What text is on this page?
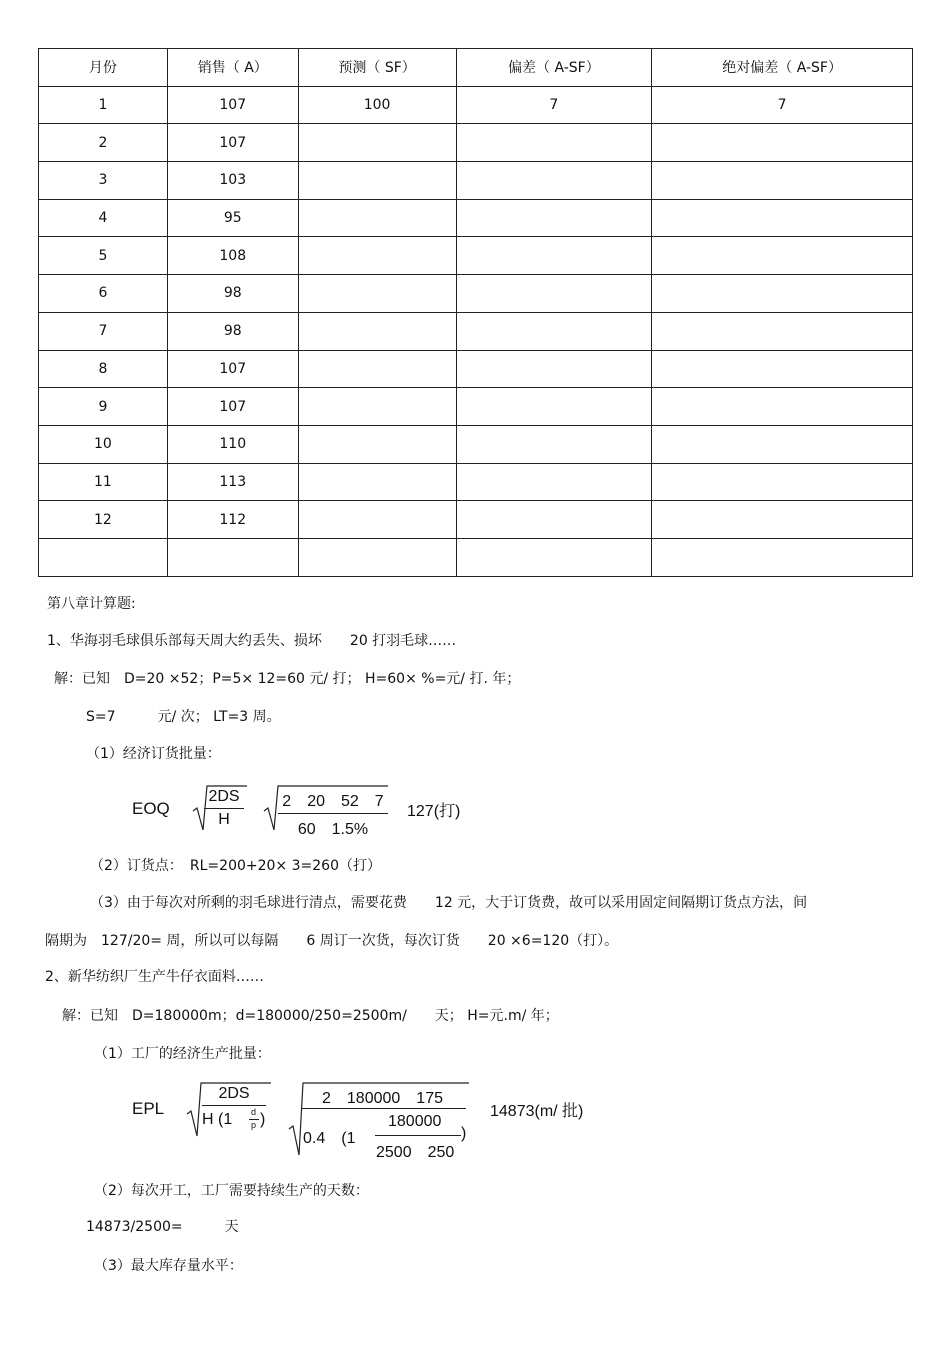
月份	销售（ A）	预测（ SF）	偏差（ A-SF）	绝对偏差（ A-SF）
1	107	100	7	7
2	107			
3	103			
4	95			
5	108			
6	98			
7	98			
8	107			
9	107			
10	110			
11	113			
12	112			

第八章计算题:
1、华海羽毛球俱乐部每天周大约丢失、损坏　　20 打羽毛球……
解：已知　D=20 ×52；P=5× 12=60 元/ 打； H=60× %=元/ 打. 年；
S=7　　　元/ 次； LT=3 周。
（1）经济订货批量：
EOQ
2DS
H
2　20　52　7
60　1.5%
127(打)
（2）订货点：　RL=200+20× 3=260（打）
（3）由于每次对所剩的羽毛球进行清点，需要花费　　12 元，大于订货费，故可以采用固定间隔期订货点方法，间
隔期为　127/20= 周，所以可以每隔　　6 周订一次货，每次订货　　20 ×6=120（打）。
2、新华纺织厂生产牛仔衣面料……
解：已知　D=180000m；d=180000/250=2500m/　　天； H=元.m/ 年；
（1）工厂的经济生产批量：
EPL
2DS
H (1 d
p )
2　180000　175
0.4　(1
180000
2500　250
)
14873(m/ 批)
（2）每次开工，工厂需要持续生产的天数：
14873/2500=　　　天
（3）最大库存量水平：
